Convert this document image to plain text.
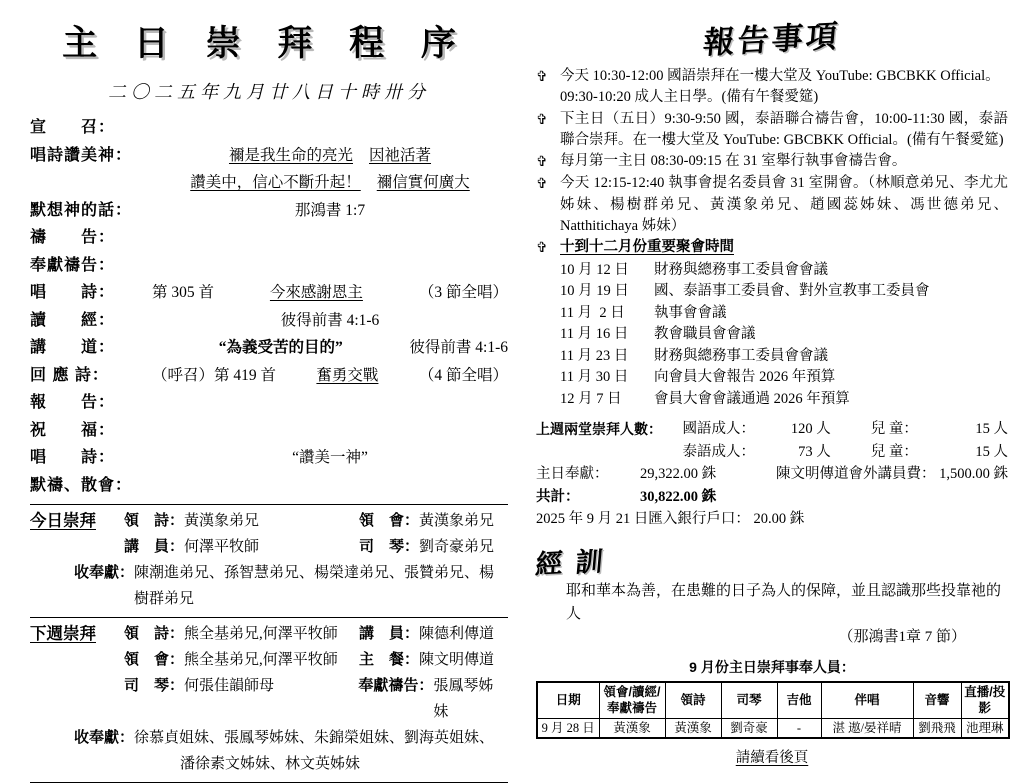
主 日 崇 拜 程 序
二〇二五年九月廿八日十時卅分
宣　　召：
唱詩讚美神：	禰是我生命的亮光 因祂活著
讚美中，信心不斷升起！ 禰信實何廣大
默想神的話：	那鴻書 1:7
禱　　告：
奉獻禱告：
唱　　詩：	第 305 首	今來感謝恩主	（3 節全唱）
讀　　經：	彼得前書 4:1-6
講　　道：	“為義受苦的目的”	彼得前書 4:1-6
回 應 詩：	（呼召）第 419 首	奮勇交戰	（4 節全唱）
報　　告：
祝　　福：
唱　　詩：	“讚美一神”
默禱、散會：
今日崇拜	領　詩： 黃漢象弟兄	領　會： 黃漢象弟兄
講　員： 何澤平牧師	司　琴： 劉奇豪弟兄
收奉獻： 陳潮進弟兄、孫智慧弟兄、楊榮達弟兄、張贊弟兄、楊樹群弟兄
下週崇拜	領　詩： 熊全基弟兄,何澤平牧師 講　員： 陳德利傳道
領　會： 熊全基弟兄,何澤平牧師 主　餐： 陳文明傳道
司　琴： 何張佳韻師母	奉獻禱告： 張鳳琴姊妹
收奉獻： 徐慕貞姐妹、張鳳琴姊妹、朱錦榮姐妹、劉海英姐妹、
潘徐素文姊妹、林文英姊妹
報告事項
✞ 今天 10:30-12:00 國語崇拜在一樓大堂及 YouTube: GBCBKK Official。
09:30-10:20 成人主日學。(備有午餐愛筵)
✞ 下主日（五日）9:30-9:50 國，泰語聯合禱告會，10:00-11:30 國，泰語聯合崇拜。在一樓大堂及 YouTube: GBCBKK Official。(備有午餐愛筵)
✞ 每月第一主日 08:30-09:15 在 31 室舉行執事會禱告會。
✞ 今天 12:15-12:40 執事會提名委員會 31 室開會。（林順意弟兄、李尤尤姊妹、楊樹群弟兄、黃漢象弟兄、趙國蕊姊妹、馮世德弟兄、Natthitichaya 姊妹）
✞ 十到十二月份重要聚會時間
10 月 12 日	財務與總務事工委員會會議
10 月 19 日	國、泰語事工委員會、對外宣教事工委員會
11 月  2 日	執事會會議
11 月 16 日	教會職員會會議
11 月 23 日	財務與總務事工委員會會議
11 月 30 日	向會員大會報告 2026 年預算
12 月 7 日	會員大會會議通過 2026 年預算
上週兩堂崇拜人數：	國語成人：	120 人	兒 童：	15 人
泰語成人：	73 人	兒 童：	15 人
主日奉獻：	29,322.00 銖	陳文明傳道會外講員費： 1,500.00 銖
共計：	30,822.00 銖
2025 年 9 月 21 日匯入銀行戶口： 20.00 銖
經 訓
耶和華本為善，在患難的日子為人的保障，並且認識那些投靠祂的人
（那鴻書1章 7 節）
9 月份主日崇拜事奉人員：
日期	領會/讀經/奉獻禱告	領詩	司琴	吉他	伴唱	音響	直播/投影
9 月 28 日	黃漢象	黃漢象	劉奇豪	-	湛 遨/晏祥晴	劉飛飛	池理琳
請續看後頁
